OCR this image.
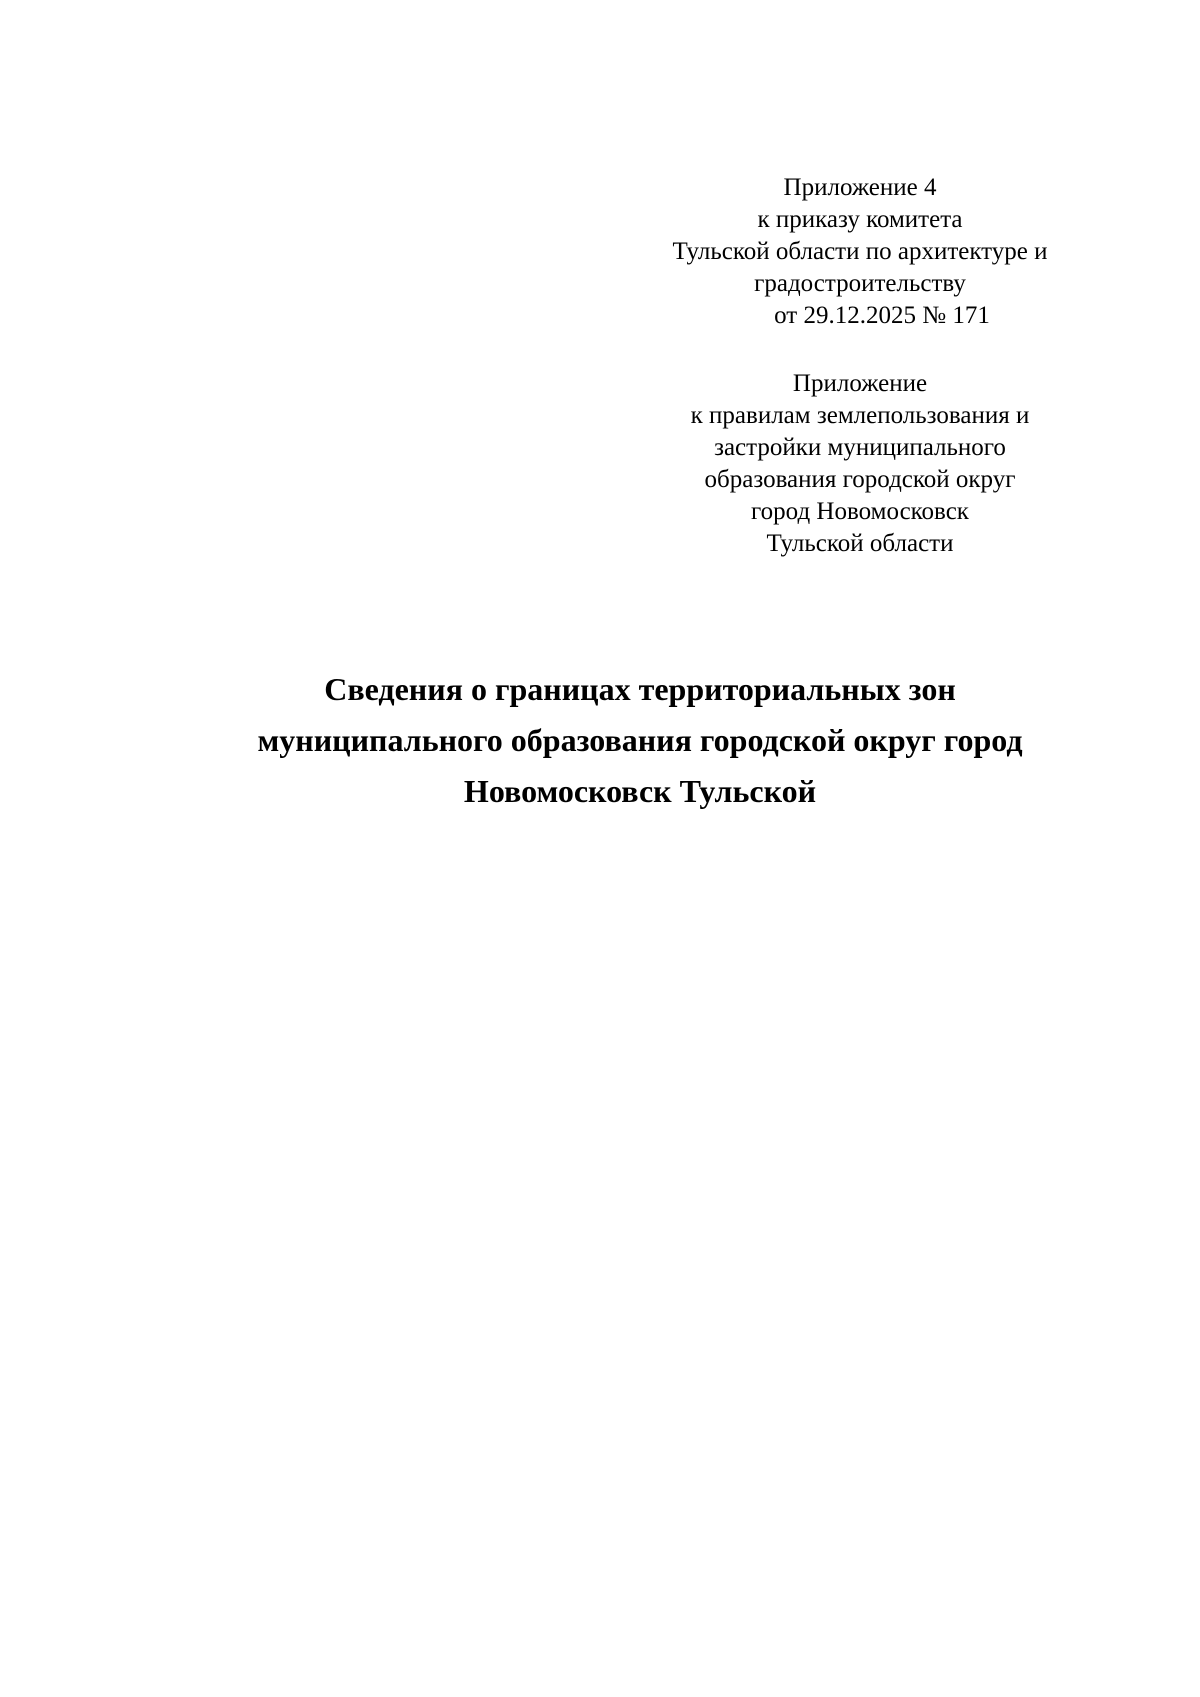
Приложение 4
к приказу комитета
Тульской области по архитектуре и
градостроительству
от 29.12.2025 № 171
Приложение
к правилам землепользования и
застройки муниципального
образования городской округ
город Новомосковск
Тульской области
Сведения о границах территориальных зон
муниципального образования городской округ город
Новомосковск Тульской
